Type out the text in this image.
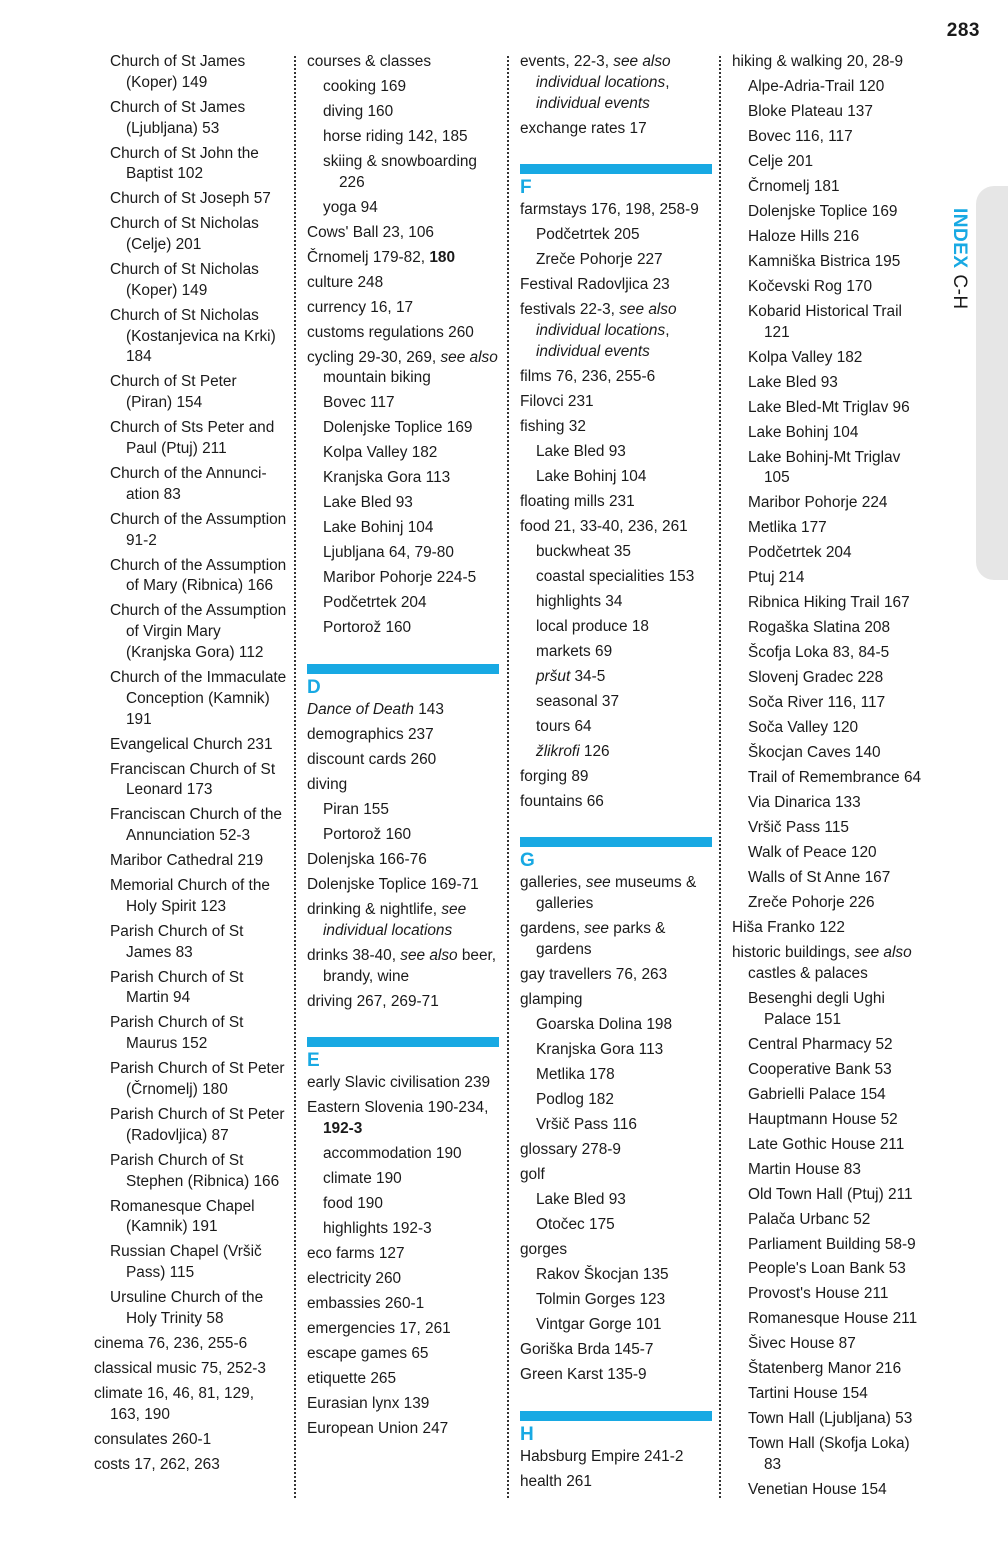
283
INDEX C-H
Church of St James (Koper) 149
Church of St James (Ljubljana) 53
Church of St John the Baptist 102
Church of St Joseph 57
Church of St Nicholas (Celje) 201
Church of St Nicholas (Koper) 149
Church of St Nicholas (Kostanjevica na Krki) 184
Church of St Peter (Piran) 154
Church of Sts Peter and Paul (Ptuj) 211
Church of the Annunciation 83
Church of the Assumption 91-2
Church of the Assumption of Mary (Ribnica) 166
Church of the Assumption of Virgin Mary (Kranjska Gora) 112
Church of the Immaculate Conception (Kamnik) 191
Evangelical Church 231
Franciscan Church of St Leonard 173
Franciscan Church of the Annunciation 52-3
Maribor Cathedral 219
Memorial Church of the Holy Spirit 123
Parish Church of St James 83
Parish Church of St Martin 94
Parish Church of St Maurus 152
Parish Church of St Peter (Črnomelj) 180
Parish Church of St Peter (Radovljica) 87
Parish Church of St Stephen (Ribnica) 166
Romanesque Chapel (Kamnik) 191
Russian Chapel (Vršič Pass) 115
Ursuline Church of the Holy Trinity 58
cinema 76, 236, 255-6
classical music 75, 252-3
climate 16, 46, 81, 129, 163, 190
consulates 260-1
costs 17, 262, 263
courses & classes
cooking 169
diving 160
horse riding 142, 185
skiing & snowboarding 226
yoga 94
Cows' Ball 23, 106
Črnomelj 179-82, 180
culture 248
currency 16, 17
customs regulations 260
cycling 29-30, 269, see also mountain biking
Bovec 117
Dolenjske Toplice 169
Kolpa Valley 182
Kranjska Gora 113
Lake Bled 93
Lake Bohinj 104
Ljubljana 64, 79-80
Maribor Pohorje 224-5
Podčetrtek 204
Portorož 160
D
Dance of Death 143
demographics 237
discount cards 260
diving
Piran 155
Portorož 160
Dolenjska 166-76
Dolenjske Toplice 169-71
drinking & nightlife, see individual locations
drinks 38-40, see also beer, brandy, wine
driving 267, 269-71
E
early Slavic civilisation 239
Eastern Slovenia 190-234, 192-3
accommodation 190
climate 190
food 190
highlights 192-3
eco farms 127
electricity 260
embassies 260-1
emergencies 17, 261
escape games 65
etiquette 265
Eurasian lynx 139
European Union 247
events, 22-3, see also individual locations, individual events
exchange rates 17
F
farmstays 176, 198, 258-9
Podčetrtek 205
Zreče Pohorje 227
Festival Radovljica 23
festivals 22-3, see also individual locations, individual events
films 76, 236, 255-6
Filovci 231
fishing 32
Lake Bled 93
Lake Bohinj 104
floating mills 231
food 21, 33-40, 236, 261
buckwheat 35
coastal specialities 153
highlights 34
local produce 18
markets 69
pršut 34-5
seasonal 37
tours 64
žlikrofi 126
forging 89
fountains 66
G
galleries, see museums & galleries
gardens, see parks & gardens
gay travellers 76, 263
glamping
Goarska Dolina 198
Kranjska Gora 113
Metlika 178
Podlog 182
Vršič Pass 116
glossary 278-9
golf
Lake Bled 93
Otočec 175
gorges
Rakov Škocjan 135
Tolmin Gorges 123
Vintgar Gorge 101
Goriška Brda 145-7
Green Karst 135-9
H
Habsburg Empire 241-2
health 261
hiking & walking 20, 28-9
Alpe-Adria-Trail 120
Bloke Plateau 137
Bovec 116, 117
Celje 201
Črnomelj 181
Dolenjske Toplice 169
Haloze Hills 216
Kamniška Bistrica 195
Kočevski Rog 170
Kobarid Historical Trail 121
Kolpa Valley 182
Lake Bled 93
Lake Bled-Mt Triglav 96
Lake Bohinj 104
Lake Bohinj-Mt Triglav 105
Maribor Pohorje 224
Metlika 177
Podčetrtek 204
Ptuj 214
Ribnica Hiking Trail 167
Rogaška Slatina 208
Šcofja Loka 83, 84-5
Slovenj Gradec 228
Soča River 116, 117
Soča Valley 120
Škocjan Caves 140
Trail of Remembrance 64
Via Dinarica 133
Vršič Pass 115
Walk of Peace 120
Walls of St Anne 167
Zreče Pohorje 226
Hiša Franko 122
historic buildings, see also castles & palaces
Besenghi degli Ughi Palace 151
Central Pharmacy 52
Cooperative Bank 53
Gabrielli Palace 154
Hauptmann House 52
Late Gothic House 211
Martin House 83
Old Town Hall (Ptuj) 211
Palača Urbanc 52
Parliament Building 58-9
People's Loan Bank 53
Provost's House 211
Romanesque House 211
Šivec House 87
Štatenberg Manor 216
Tartini House 154
Town Hall (Ljubljana) 53
Town Hall (Skofja Loka) 83
Venetian House 154
